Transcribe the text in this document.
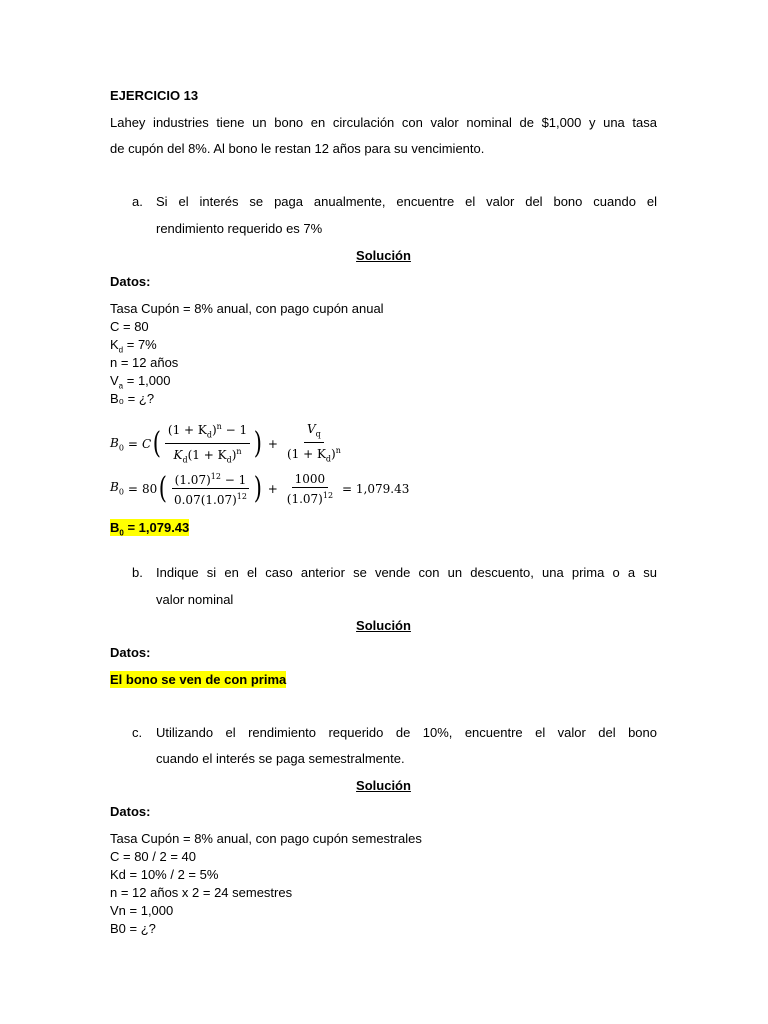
EJERCICIO 13
Lahey industries tiene un bono en circulación con valor nominal de $1,000 y una tasa
de cupón del 8%. Al bono le restan 12 años para su vencimiento.
a. Si el interés se paga anualmente, encuentre el valor del bono cuando el
rendimiento requerido es 7%
Solución
Datos:
Tasa Cupón = 8% anual, con pago cupón anual
C = 80
$K_d = 7\%$
n = 12 años
$V_a = 1,000$
B₀ = ¿?
$B_0 = C$ ( $\frac{(1 + K_d)^n - 1}{K_d(1 + K_d)^n}$ ) + $\frac{V_q}{(1 + K_d)^n}$
$B_0 = 80$ ( $\frac{(1.07)^{12} - 1}{0.07(1.07)^{12}}$ ) + $\frac{1000}{(1.07)^{12}} = 1,079.43$
$B_0 = 1,079.43$
b. Indique si en el caso anterior se vende con un descuento, una prima o a su
valor nominal
Solución
Datos:
El bono se ven de con prima
c. Utilizando el rendimiento requerido de 10%, encuentre el valor del bono
cuando el interés se paga semestralmente.
Solución
Datos:
Tasa Cupón = 8% anual, con pago cupón semestrales
C = 80 / 2 = 40
Kd = 10% / 2 = 5%
n = 12 años x 2 = 24 semestres
Vn = 1,000
B0 = ¿?
